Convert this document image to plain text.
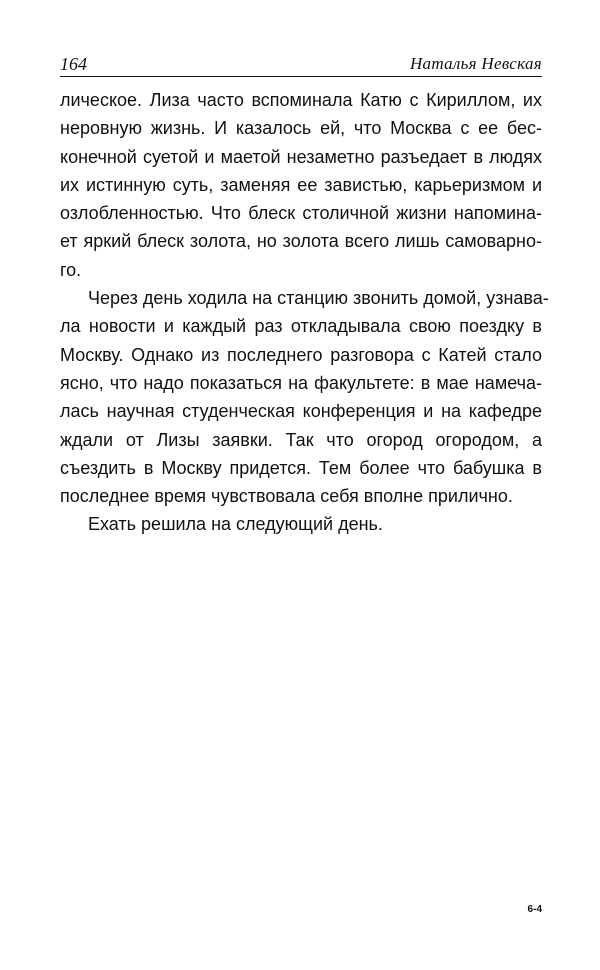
164	Наталья Невская
лическое. Лиза часто вспоминала Катю с Кириллом, их
неровную жизнь. И казалось ей, что Москва с ее бес-
конечной суетой и маетой незаметно разъедает в людях
их истинную суть, заменяя ее завистью, карьеризмом и
озлобленностью. Что блеск столичной жизни напомина-
ет яркий блеск золота, но золота всего лишь самоварно-
го.
Через день ходила на станцию звонить домой, узнава-
ла новости и каждый раз откладывала свою поездку в
Москву. Однако из последнего разговора с Катей стало
ясно, что надо показаться на факультете: в мае намеча-
лась научная студенческая конференция и на кафедре
ждали от Лизы заявки. Так что огород огородом, а
съездить в Москву придется. Тем более что бабушка в
последнее время чувствовала себя вполне прилично.
Ехать решила на следующий день.
6-4
